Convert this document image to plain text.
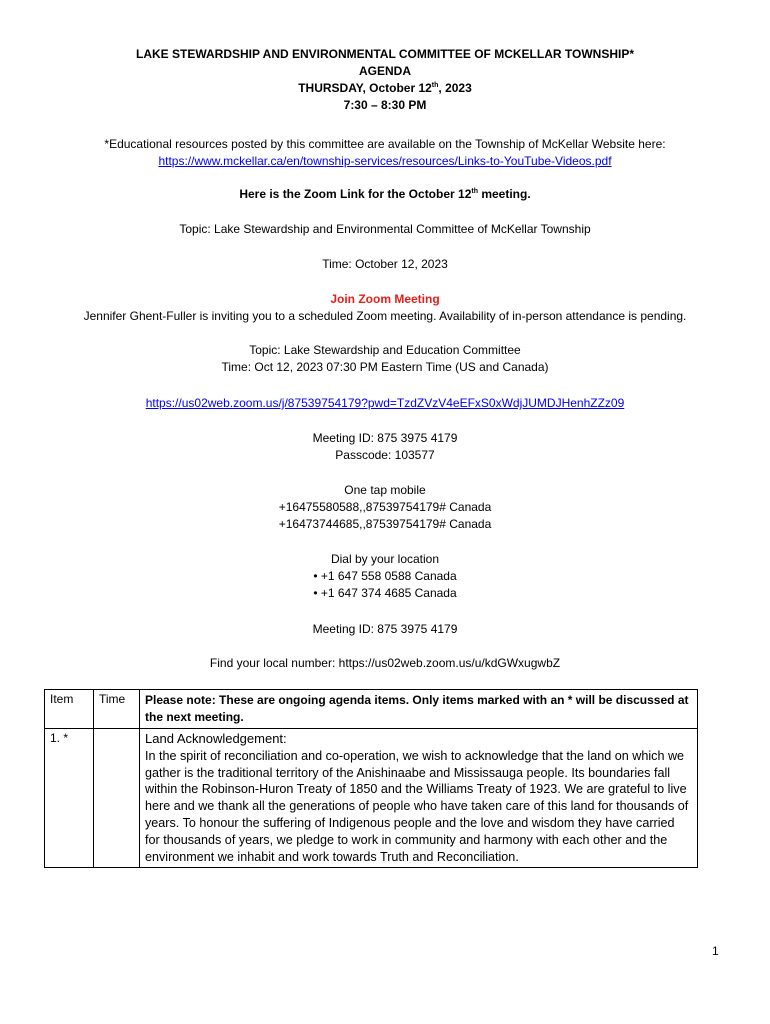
LAKE STEWARDSHIP AND ENVIRONMENTAL COMMITTEE OF MCKELLAR TOWNSHIP*
AGENDA
THURSDAY, October 12th, 2023
7:30 – 8:30 PM
*Educational resources posted by this committee are available on the Township of McKellar Website here:
https://www.mckellar.ca/en/township-services/resources/Links-to-YouTube-Videos.pdf
Here is the Zoom Link for the October 12th meeting.
Topic: Lake Stewardship and Environmental Committee of McKellar Township
Time: October 12, 2023
Join Zoom Meeting
Jennifer Ghent-Fuller is inviting you to a scheduled Zoom meeting. Availability of in-person attendance is pending.
Topic: Lake Stewardship and Education Committee
Time: Oct 12, 2023 07:30 PM Eastern Time (US and Canada)
https://us02web.zoom.us/j/87539754179?pwd=TzdZVzV4eEFxS0xWdjJUMDJHenhZZz09
Meeting ID: 875 3975 4179
Passcode: 103577
One tap mobile
+16475580588,,87539754179# Canada
+16473744685,,87539754179# Canada
Dial by your location
• +1 647 558 0588 Canada
• +1 647 374 4685 Canada
Meeting ID: 875 3975 4179
Find your local number: https://us02web.zoom.us/u/kdGWxugwbZ
Item	Time	Please note: These are ongoing agenda items. Only items marked with an * will be discussed at the next meeting.
1. *		Land Acknowledgement:
In the spirit of reconciliation and co-operation, we wish to acknowledge that the land on which we gather is the traditional territory of the Anishinaabe and Mississauga people. Its boundaries fall within the Robinson-Huron Treaty of 1850 and the Williams Treaty of 1923. We are grateful to live here and we thank all the generations of people who have taken care of this land for thousands of years. To honour the suffering of Indigenous people and the love and wisdom they have carried for thousands of years, we pledge to work in community and harmony with each other and the environment we inhabit and work towards Truth and Reconciliation.
1
